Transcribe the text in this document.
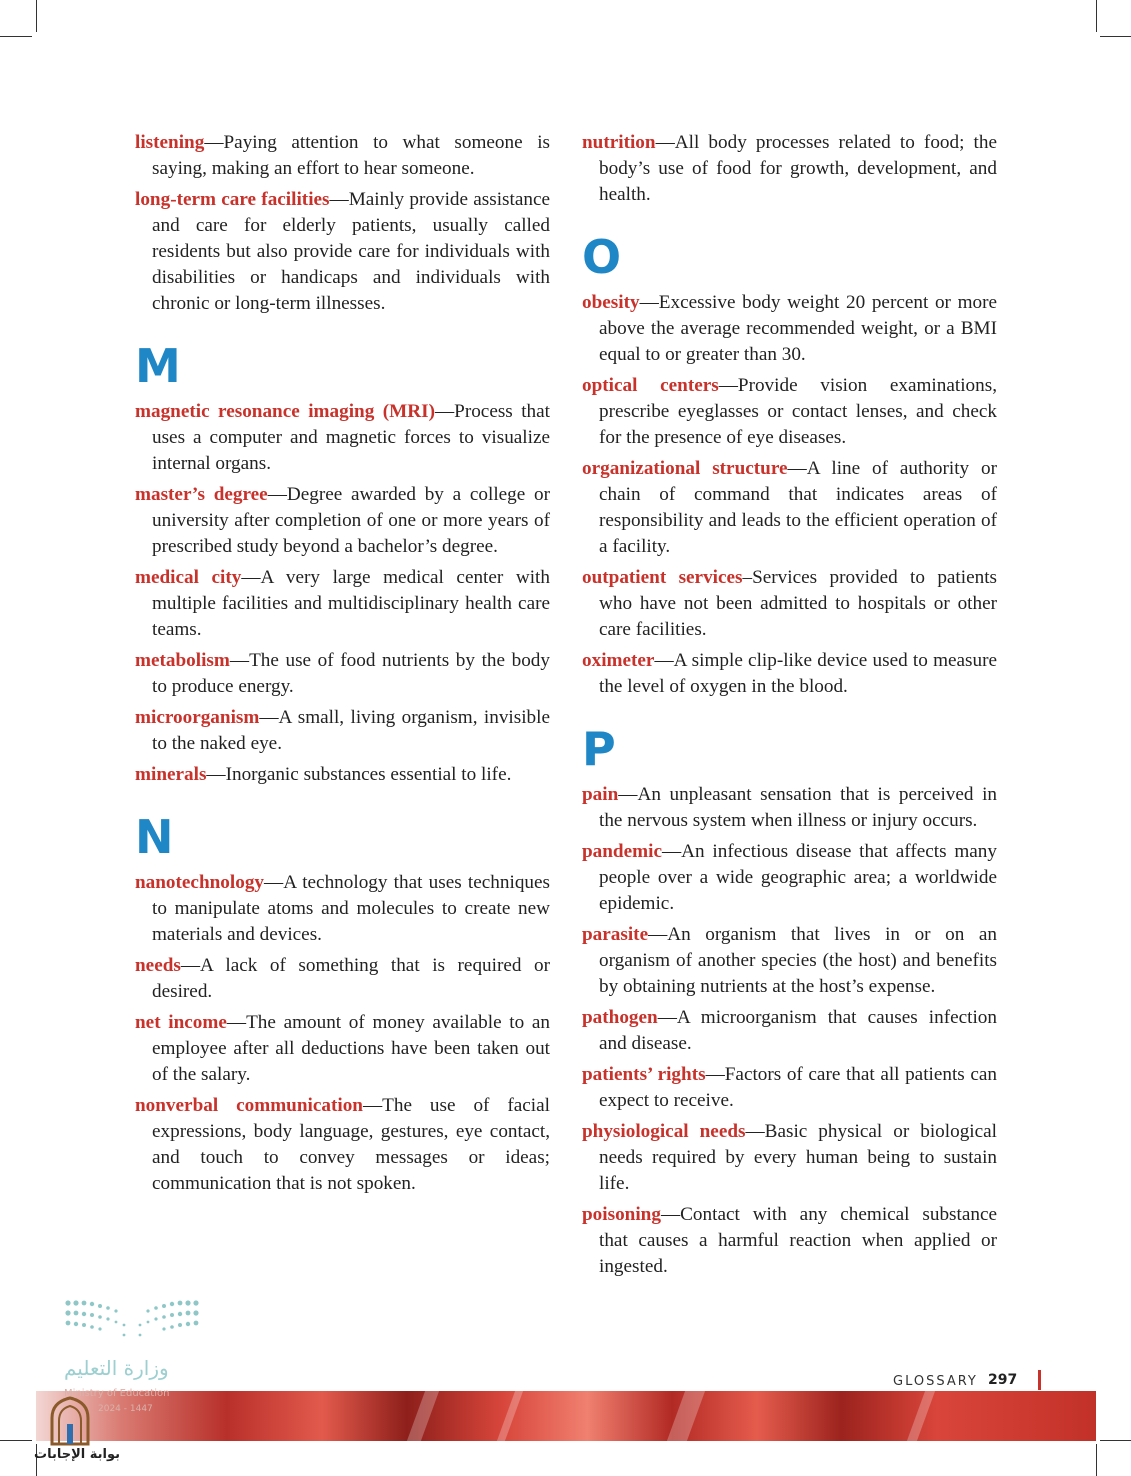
listening—Paying attention to what someone is saying, making an effort to hear someone.

long-term care facilities—Mainly provide assistance and care for elderly patients, usually called residents but also provide care for individuals with disabilities or handicaps and individuals with chronic or long-term illnesses.

M

magnetic resonance imaging (MRI)—Process that uses a computer and magnetic forces to visualize internal organs.

master’s degree—Degree awarded by a college or university after completion of one or more years of prescribed study beyond a bachelor’s degree.

medical city—A very large medical center with multiple facilities and multidisciplinary health care teams.

metabolism—The use of food nutrients by the body to produce energy.

microorganism—A small, living organism, invisible to the naked eye.

minerals—Inorganic substances essential to life.

N

nanotechnology—A technology that uses techniques to manipulate atoms and molecules to create new materials and devices.

needs—A lack of something that is required or desired.

net income—The amount of money available to an employee after all deductions have been taken out of the salary.

nonverbal communication—The use of facial expressions, body language, gestures, eye contact, and touch to convey messages or ideas; communication that is not spoken.

nutrition—All body processes related to food; the body’s use of food for growth, development, and health.

O

obesity—Excessive body weight 20 percent or more above the average recommended weight, or a BMI equal to or greater than 30.

optical centers—Provide vision examinations, prescribe eyeglasses or contact lenses, and check for the presence of eye diseases.

organizational structure—A line of authority or chain of command that indicates areas of responsibility and leads to the efficient operation of a facility.

outpatient services–Services provided to patients who have not been admitted to hospitals or other care facilities.

oximeter—A simple clip-like device used to measure the level of oxygen in the blood.

P

pain—An unpleasant sensation that is perceived in the nervous system when illness or injury occurs.

pandemic—An infectious disease that affects many people over a wide geographic area; a worldwide epidemic.

parasite—An organism that lives in or on an organism of another species (the host) and benefits by obtaining nutrients at the host’s expense.

pathogen—A microorganism that causes infection and disease.

patients’ rights—Factors of care that all patients can expect to receive.

physiological needs—Basic physical or biological needs required by every human being to sustain life.

poisoning—Contact with any chemical substance that causes a harmful reaction when applied or ingested.

وزارة التعليم
GLOSSARY 297
Ministry of Education
2024 - 1447
بوابة الإجابات
